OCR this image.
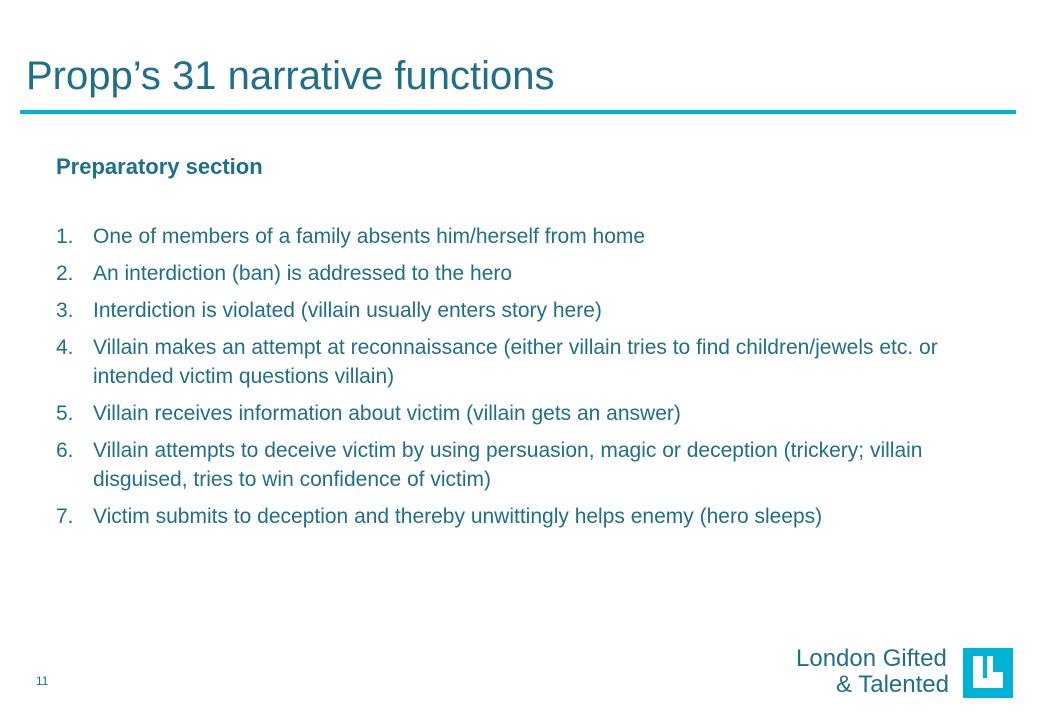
Propp’s 31 narrative functions
Preparatory section
1. One of members of a family absents him/herself from home
2. An interdiction (ban) is addressed to the hero
3. Interdiction is violated (villain usually enters story here)
4. Villain makes an attempt at reconnaissance (either villain tries to find children/jewels etc. or intended victim questions villain)
5. Villain receives information about victim (villain gets an answer)
6. Villain attempts to deceive victim by using persuasion, magic or deception (trickery; villain disguised, tries to win confidence of victim)
7. Victim submits to deception and thereby unwittingly helps enemy (hero sleeps)
11
London Gifted
& Talented
